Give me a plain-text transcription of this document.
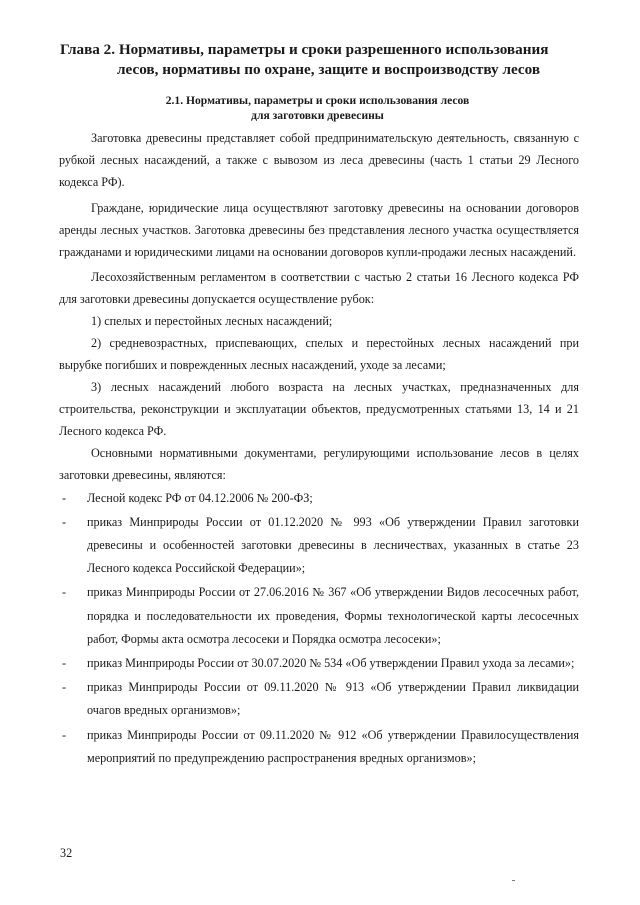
Глава 2. Нормативы, параметры и сроки разрешенного использования
лесов, нормативы по охране, защите и воспроизводству лесов
2.1. Нормативы, параметры и сроки использования лесов
для заготовки древесины

Заготовка древесины представляет собой предпринимательскую деятельность, связанную с рубкой лесных насаждений, а также с вывозом из леса древесины (часть 1 статьи 29 Лесного кодекса РФ).

Граждане, юридические лица осуществляют заготовку древесины на основании договоров аренды лесных участков. Заготовка древесины без представления лесного участка осуществляется гражданами и юридическими лицами на основании договоров купли-продажи лесных насаждений.

Лесохозяйственным регламентом в соответствии с частью 2 статьи 16 Лесного кодекса РФ для заготовки древесины допускается осуществление рубок:

1) спелых и перестойных лесных насаждений;

2) средневозрастных, приспевающих, спелых и перестойных лесных насаждений при вырубке погибших и поврежденных лесных насаждений, уходе за лесами;

3) лесных насаждений любого возраста на лесных участках, предназначенных для строительства, реконструкции и эксплуатации объектов, предусмотренных статьями 13, 14 и 21 Лесного кодекса РФ.

Основными нормативными документами, регулирующими использование лесов в целях заготовки древесины, являются:

- Лесной кодекс РФ от 04.12.2006 № 200-ФЗ;
- приказ Минприроды России от 01.12.2020 № 993 «Об утверждении Правил заготовки древесины и особенностей заготовки древесины в лесничествах, указанных в статье 23 Лесного кодекса Российской Федерации»;
- приказ Минприроды России от 27.06.2016 № 367 «Об утверждении Видов лесосечных работ, порядка и последовательности их проведения, Формы технологической карты лесосечных работ, Формы акта осмотра лесосеки и Порядка осмотра лесосеки»;
- приказ Минприроды России от 30.07.2020 № 534 «Об утверждении Правил ухода за лесами»;
- приказ Минприроды России от 09.11.2020 № 913 «Об утверждении Правил ликвидации очагов вредных организмов»;
- приказ Минприроды России от 09.11.2020 № 912 «Об утверждении Правилосуществления мероприятий по предупреждению распространения вредных организмов»;
32
